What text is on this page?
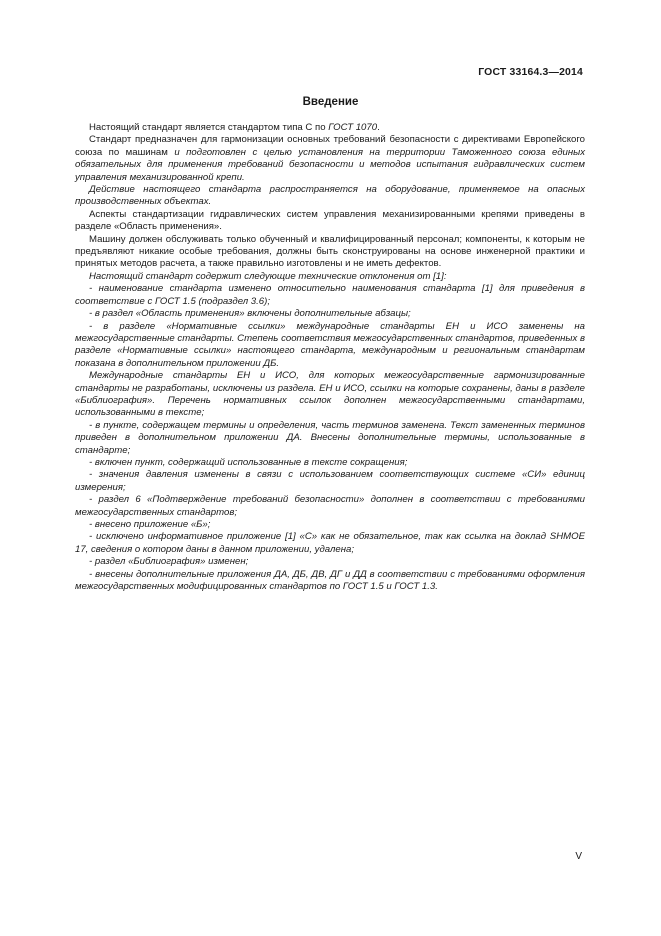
ГОСТ 33164.3—2014
Введение

Настоящий стандарт является стандартом типа С по ГОСТ 1070.

Стандарт предназначен для гармонизации основных требований безопасности с директивами Европейского союза по машинам и подготовлен с целью установления на территории Таможенного союза единых обязательных для применения требований безопасности и методов испытания гидравлических систем управления механизированной крепи.

Действие настоящего стандарта распространяется на оборудование, применяемое на опасных производственных объектах.

Аспекты стандартизации гидравлических систем управления механизированными крепями приведены в разделе «Область применения».

Машину должен обслуживать только обученный и квалифицированный персонал; компоненты, к которым не предъявляют никакие особые требования, должны быть сконструированы на основе инженерной практики и принятых методов расчета, а также правильно изготовлены и не иметь дефектов.

Настоящий стандарт содержит следующие технические отклонения от [1]:

- наименование стандарта изменено относительно наименования стандарта [1] для приведения в соответствие с ГОСТ 1.5 (подраздел 3.6);

- в раздел «Область применения» включены дополнительные абзацы;

- в разделе «Нормативные ссылки» международные стандарты ЕН и ИСО заменены на межгосударственные стандарты. Степень соответствия межгосударственных стандартов, приведенных в разделе «Нормативные ссылки» настоящего стандарта, международным и региональным стандартам показана в дополнительном приложении ДБ.

Международные стандарты ЕН и ИСО, для которых межгосударственные гармонизированные стандарты не разработаны, исключены из раздела. ЕН и ИСО, ссылки на которые сохранены, даны в разделе «Библиография». Перечень нормативных ссылок дополнен межгосударственными стандартами, использованными в тексте;

- в пункте, содержащем термины и определения, часть терминов заменена. Текст замененных терминов приведен в дополнительном приложении ДА. Внесены дополнительные термины, использованные в стандарте;

- включен пункт, содержащий использованные в тексте сокращения;

- значения давления изменены в связи с использованием соответствующих системе «СИ» единиц измерения;

- раздел 6 «Подтверждение требований безопасности» дополнен в соответствии с требованиями межгосударственных стандартов;

- внесено приложение «Б»;

- исключено информативное приложение [1] «С» как не обязательное, так как ссылка на доклад SHMOE 17, сведения о котором даны в данном приложении, удалена;

- раздел «Библиография» изменен;

- внесены дополнительные приложения ДА, ДБ, ДВ, ДГ и ДД в соответствии с требованиями оформления межгосударственных модифицированных стандартов по ГОСТ 1.5 и ГОСТ 1.3.

V
